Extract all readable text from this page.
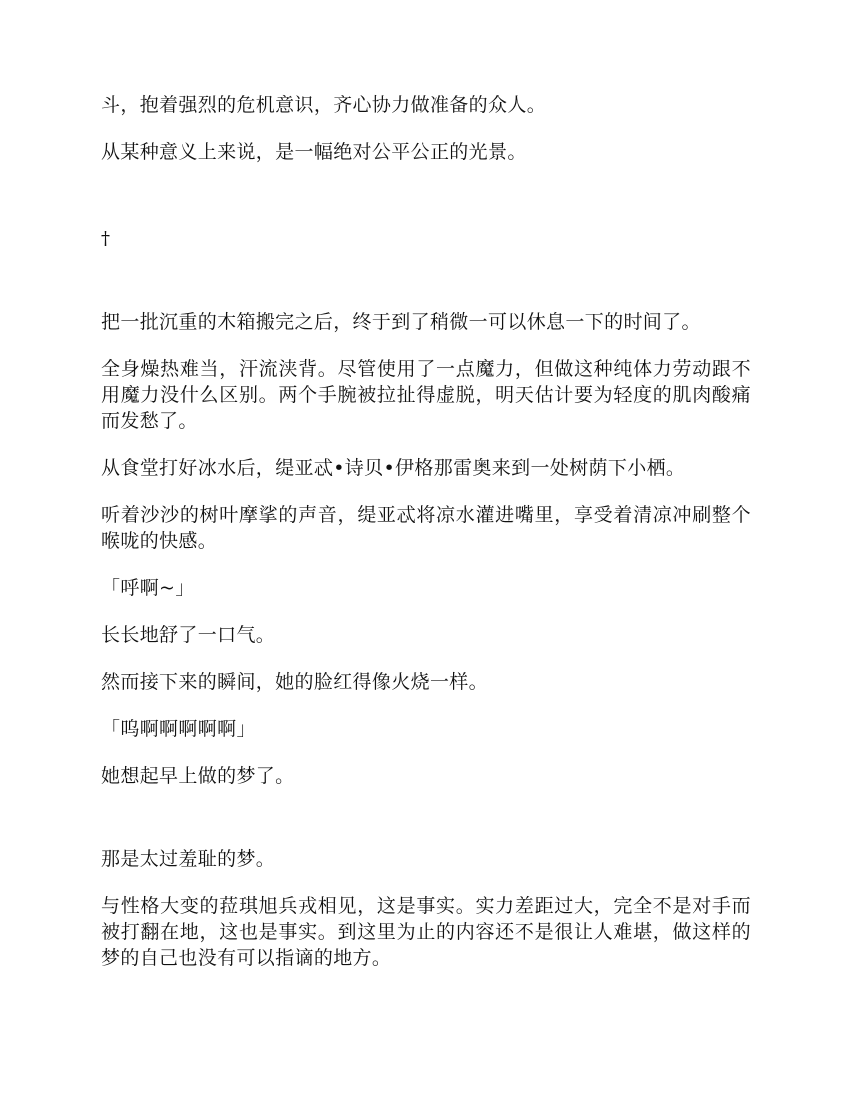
斗，抱着强烈的危机意识，齐心协力做准备的众人。

从某种意义上来说，是一幅绝对公平公正的光景。

†

把一批沉重的木箱搬完之后，终于到了稍微一可以休息一下的时间了。

全身燥热难当，汗流浃背。尽管使用了一点魔力，但做这种纯体力劳动跟不用魔力没什么区别。两个手腕被拉扯得虚脱，明天估计要为轻度的肌肉酸痛而发愁了。

从食堂打好冰水后，缇亚忒•诗贝•伊格那雷奥来到一处树荫下小栖。

听着沙沙的树叶摩挲的声音，缇亚忒将凉水灌进嘴里，享受着清凉冲刷整个喉咙的快感。

「呼啊~」

长长地舒了一口气。

然而接下来的瞬间，她的脸红得像火烧一样。

「呜啊啊啊啊啊」

她想起早上做的梦了。

那是太过羞耻的梦。

与性格大变的菈琪旭兵戎相见，这是事实。实力差距过大，完全不是对手而被打翻在地，这也是事实。到这里为止的内容还不是很让人难堪，做这样的梦的自己也没有可以指谪的地方。
